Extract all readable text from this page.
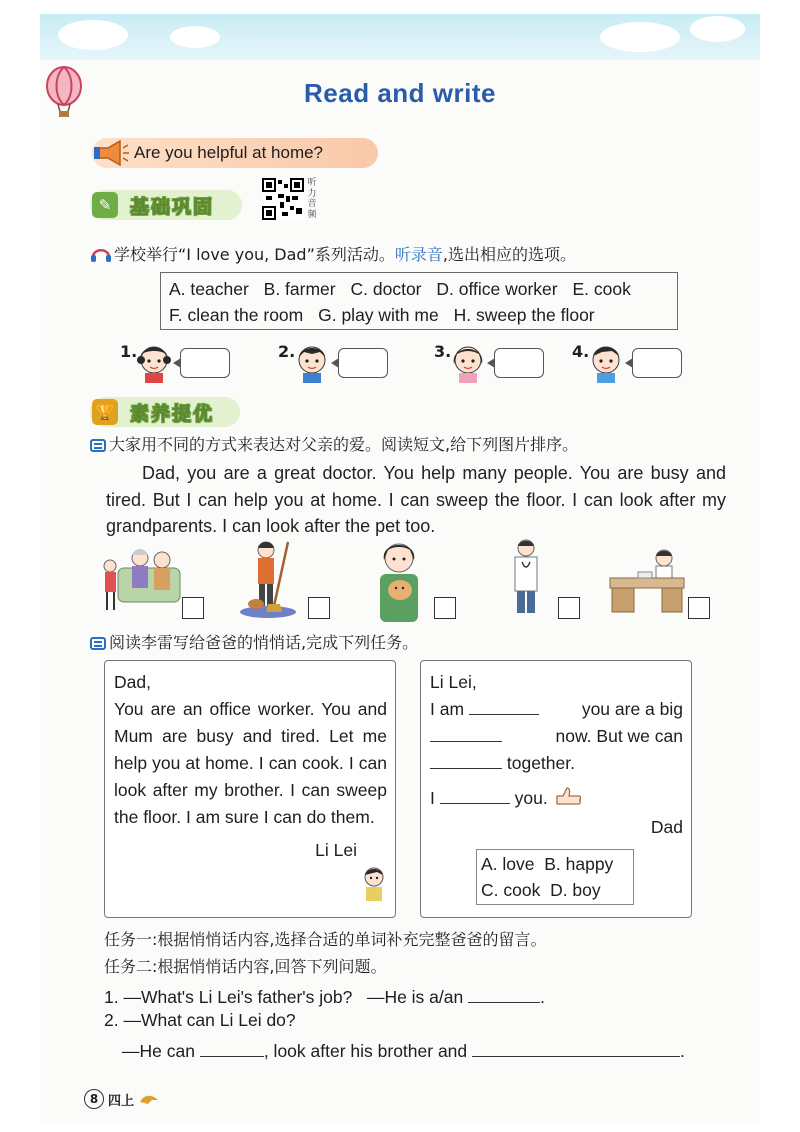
Read and write
Are you helpful at home?
基础巩固
✎
听力音频
学校举行“I love you, Dad”系列活动。听录音,选出相应的选项。
A. teacher B. farmer C. doctor D. office worker E. cook
F. clean the room G. play with me H. sweep the floor
1.	2.	3.	4.
素养提优
🏆
大家用不同的方式来表达对父亲的爱。阅读短文,给下列图片排序。
Dad, you are a great doctor. You help many people. You are busy and tired. But I can help you at home. I can sweep the floor. I can look after my grandparents. I can look after the pet too.
阅读李雷写给爸爸的悄悄话,完成下列任务。
Dad,
You are an office worker. You and Mum are busy and tired. Let me help you at home. I can cook. I can look after my brother. I can sweep the floor. I am sure I can do them.
Li Lei
Li Lei,
I am	you are a big
now. But we can
together.
I	you.
Dad
A. love B. happy
C. cook D. boy
任务一:根据悄悄话内容,选择合适的单词补充完整爸爸的留言。
任务二:根据悄悄话内容,回答下列问题。
1. —What's Li Lei's father's job? —He is a/an	.
2. —What can Li Lei do?
—He can	, look after his brother and	.
8 四上
